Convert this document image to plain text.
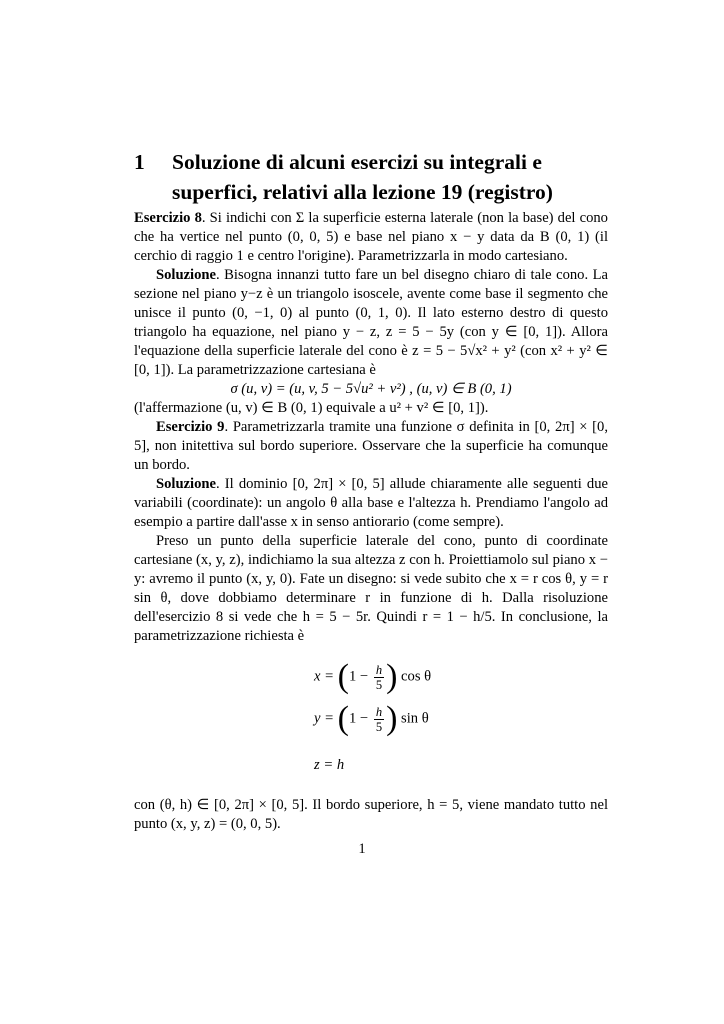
1 Soluzione di alcuni esercizi su integrali e superfici, relativi alla lezione 19 (registro)

Esercizio 8. Si indichi con Σ la superficie esterna laterale (non la base) del cono che ha vertice nel punto (0, 0, 5) e base nel piano x − y data da B (0, 1) (il cerchio di raggio 1 e centro l'origine). Parametrizzarla in modo cartesiano.

Soluzione. Bisogna innanzi tutto fare un bel disegno chiaro di tale cono. La sezione nel piano y−z è un triangolo isoscele, avente come base il segmento che unisce il punto (0, −1, 0) al punto (0, 1, 0). Il lato esterno destro di questo triangolo ha equazione, nel piano y − z, z = 5 − 5y (con y ∈ [0, 1]). Allora l'equazione della superficie laterale del cono è z = 5 − 5√x² + y² (con x² + y² ∈ [0, 1]). La parametrizzazione cartesiana è

σ (u, v) = (u, v, 5 − 5√u² + v²) , (u, v) ∈ B (0, 1)

(l'affermazione (u, v) ∈ B (0, 1) equivale a u² + v² ∈ [0, 1]).

Esercizio 9. Parametrizzarla tramite una funzione σ definita in [0, 2π] × [0, 5], non initettiva sul bordo superiore. Osservare che la superficie ha comunque un bordo.

Soluzione. Il dominio [0, 2π] × [0, 5] allude chiaramente alle seguenti due variabili (coordinate): un angolo θ alla base e l'altezza h. Prendiamo l'angolo ad esempio a partire dall'asse x in senso antiorario (come sempre).

Preso un punto della superficie laterale del cono, punto di coordinate cartesiane (x, y, z), indichiamo la sua altezza z con h. Proiettiamolo sul piano x − y: avremo il punto (x, y, 0). Fate un disegno: si vede subito che x = r cos θ, y = r sin θ, dove dobbiamo determinare r in funzione di h. Dalla risoluzione dell'esercizio 8 si vede che h = 5 − 5r. Quindi r = 1 − h/5. In conclusione, la parametrizzazione richiesta è

$x = (1 - \frac{h}{5}$ ) cos θ
$y = (1 - \frac{h}{5}$ ) sin θ
z = h

con (θ, h) ∈ [0, 2π] × [0, 5]. Il bordo superiore, h = 5, viene mandato tutto nel punto (x, y, z) = (0, 0, 5).

1
